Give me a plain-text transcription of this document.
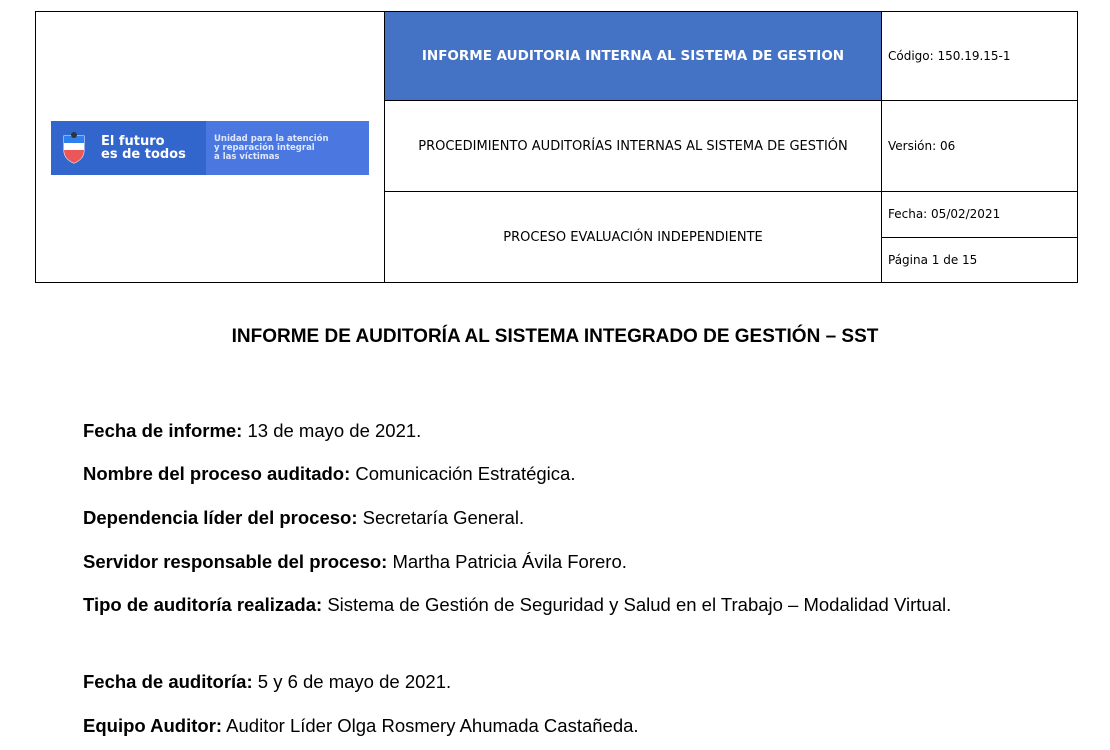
El futuro
es de todos
Unidad para la atención
y reparación integral
a las víctimas	INFORME AUDITORIA INTERNA AL SISTEMA DE GESTION	Código: 150.19.15-1
	PROCEDIMIENTO AUDITORÍAS INTERNAS AL SISTEMA DE GESTIÓN	Versión: 06
	PROCESO EVALUACIÓN INDEPENDIENTE	Fecha: 05/02/2021
Página 1 de 15
INFORME DE AUDITORÍA AL SISTEMA INTEGRADO DE GESTIÓN – SST

Fecha de informe: 13 de mayo de 2021.

Nombre del proceso auditado: Comunicación Estratégica.

Dependencia líder del proceso: Secretaría General.

Servidor responsable del proceso: Martha Patricia Ávila Forero.

Tipo de auditoría realizada: Sistema de Gestión de Seguridad y Salud en el Trabajo – Modalidad Virtual.

Fecha de auditoría: 5 y 6 de mayo de 2021.

Equipo Auditor: Auditor Líder Olga Rosmery Ahumada Castañeda.
